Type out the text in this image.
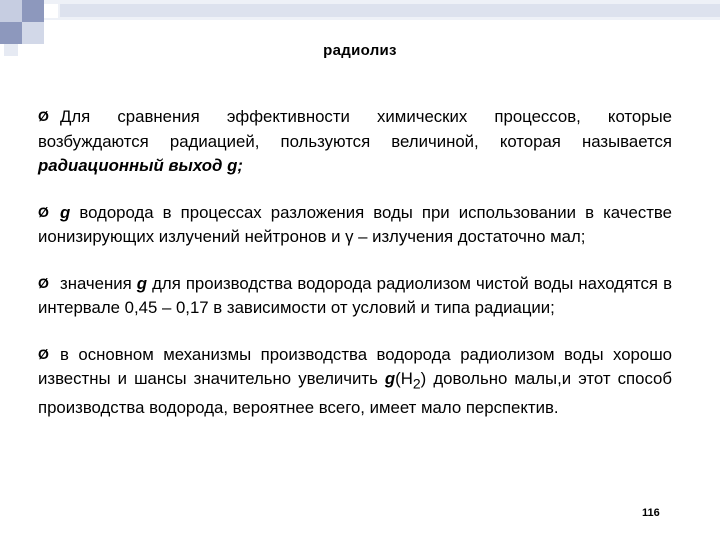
радиолиз

Ø Для сравнения эффективности химических процессов, которые возбуждаются радиацией, пользуются величиной, которая называется радиационный выход g;

Ø g водорода в процессах разложения воды при использовании в качестве ионизирующих излучений нейтронов и γ – излучения достаточно мал;

Ø значения g для производства водорода радиолизом чистой воды находятся в интервале 0,45 – 0,17 в зависимости от условий и типа радиации;

Ø в основном механизмы производства водорода радиолизом воды хорошо известны и шансы значительно увеличить $g(H_2)$ довольно малы,и этот способ производства водорода, вероятнее всего, имеет мало перспектив.

116
